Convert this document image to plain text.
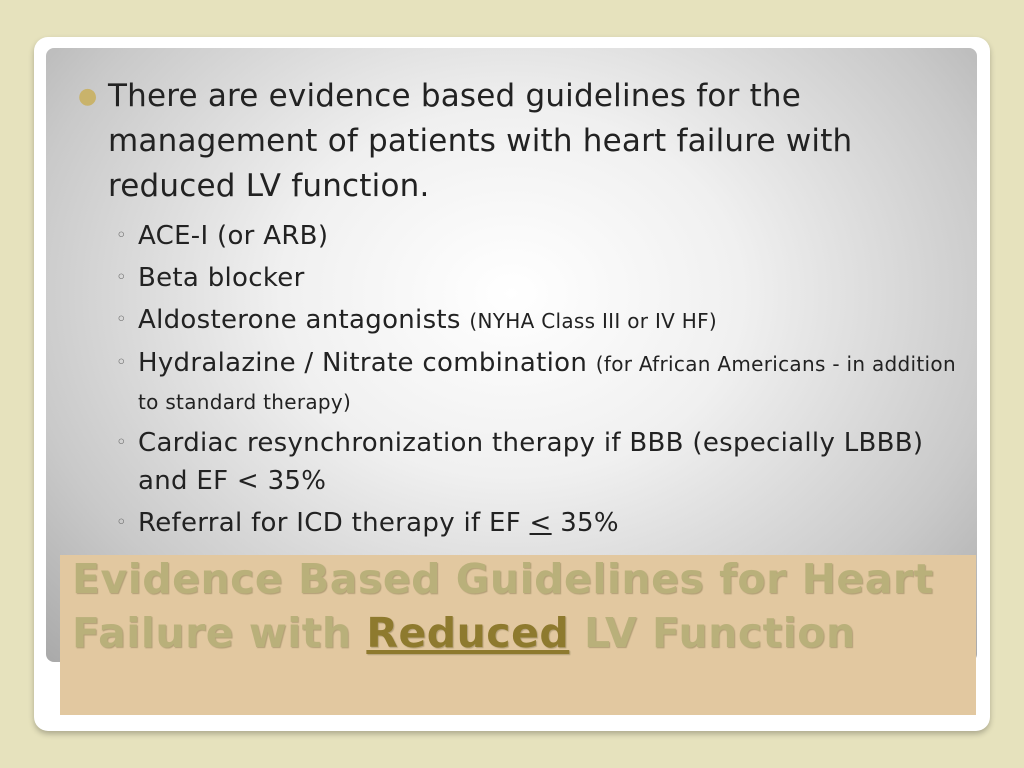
● There are evidence based guidelines for the management of patients with heart failure with reduced LV function.
◦ ACE-I (or ARB)
◦ Beta blocker
◦ Aldosterone antagonists (NYHA Class III or IV HF)
◦ Hydralazine / Nitrate combination (for African Americans - in addition to standard therapy)
◦ Cardiac resynchronization therapy if BBB (especially LBBB) and EF < 35%
◦ Referral for ICD therapy if EF ≤ 35%
Evidence Based Guidelines for Heart Failure with Reduced LV Function
